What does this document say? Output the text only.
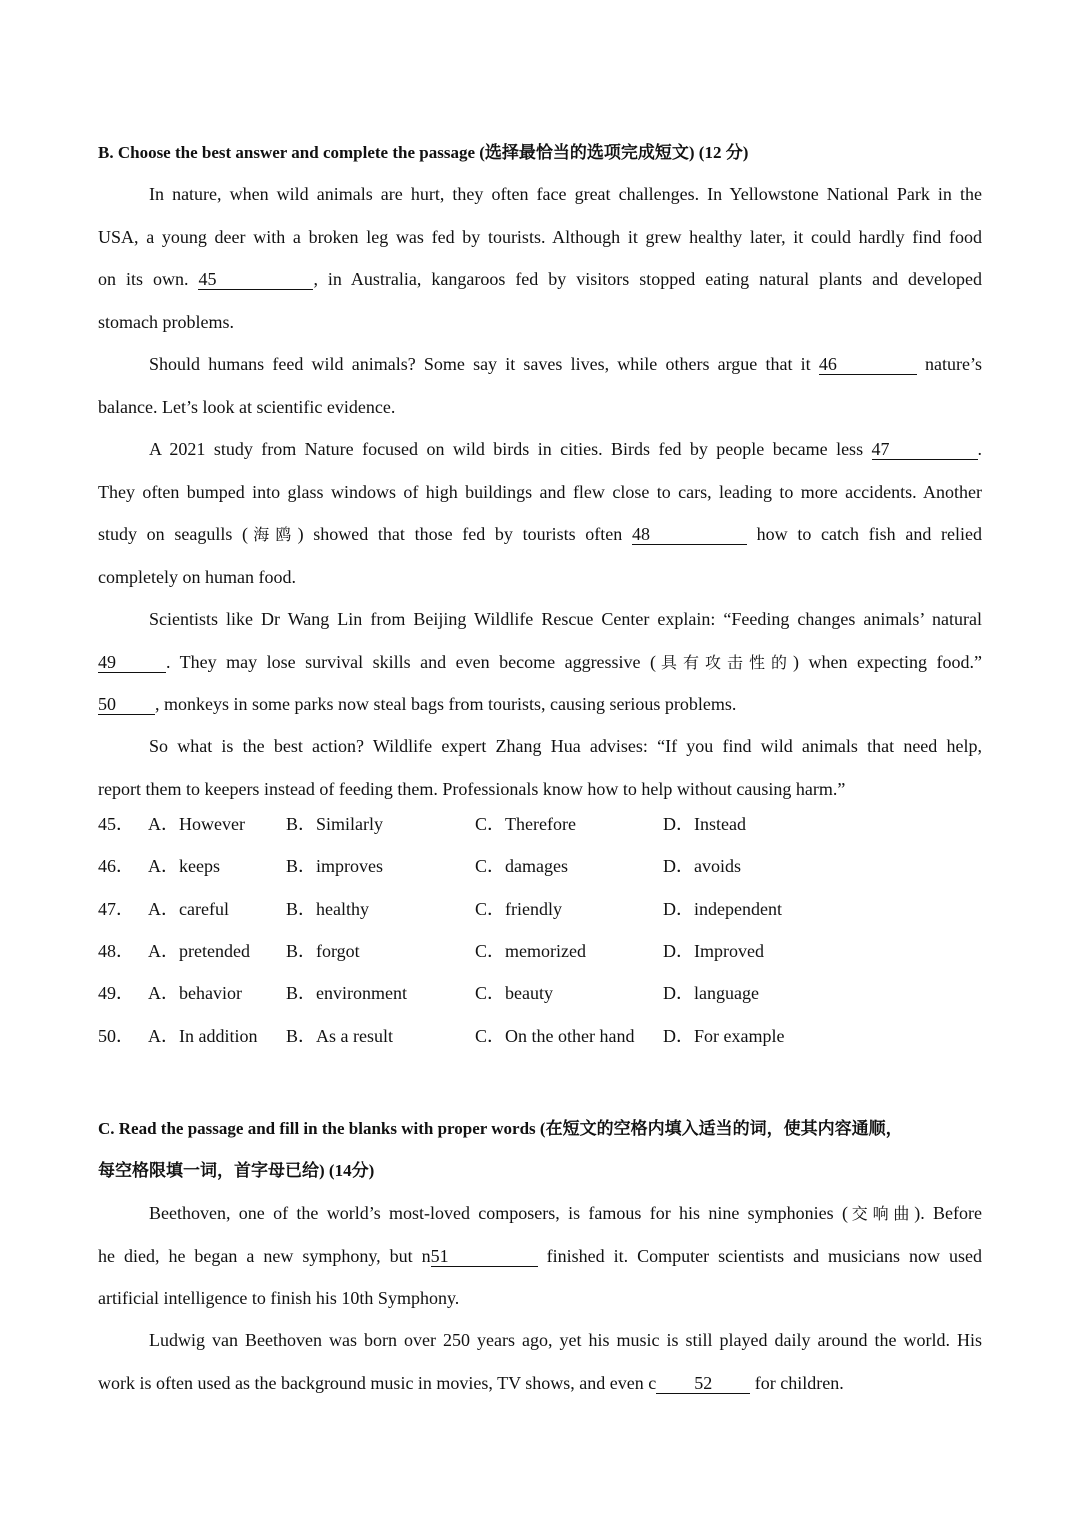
B. Choose the best answer and complete the passage (选择最恰当的选项完成短文) (12 分)
In nature, when wild animals are hurt, they often face great challenges. In Yellowstone National Park in the
USA, a young deer with a broken leg was fed by tourists. Although it grew healthy later, it could hardly find food
on its own. 45	, in Australia, kangaroos fed by visitors stopped eating natural plants and developed
stomach problems.
Should humans feed wild animals? Some say it saves lives, while others argue that it 46	nature’s
balance. Let’s look at scientific evidence.
A 2021 study from Nature focused on wild birds in cities. Birds fed by people became less 47	.
They often bumped into glass windows of high buildings and flew close to cars, leading to more accidents. Another
study on seagulls (海鸥) showed that those fed by tourists often 48	how to catch fish and relied
completely on human food.
Scientists like Dr Wang Lin from Beijing Wildlife Rescue Center explain: “Feeding changes animals’ natural
49	. They may lose survival skills and even become aggressive (具有攻击性的) when expecting food.”
50 , monkeys in some parks now steal bags from tourists, causing serious problems.
So what is the best action? Wildlife expert Zhang Hua advises: “If you find wild animals that need help,
report them to keepers instead of feeding them. Professionals know how to help without causing harm.”
45． A．However B．Similarly	C．Therefore	D．Instead
46． A．keeps	B．improves	C．damages	D．avoids
47． A．careful	B．healthy	C．friendly	D．independent
48． A．pretended B．forgot	C．memorized	D．Improved
49． A．behavior B．environment	C．beauty	D．language
50． A．In addition B．As a result	C．On the other hand D．For example
C. Read the passage and fill in the blanks with proper words (在短文的空格内填入适当的词，使其内容通顺，
每空格限填一词，首字母已给) (14分)
Beethoven, one of the world’s most-loved composers, is famous for his nine symphonies (交响曲). Before
he died, he began a new symphony, but n51	finished it. Computer scientists and musicians now used
artificial intelligence to finish his 10th Symphony.
Ludwig van Beethoven was born over 250 years ago, yet his music is still played daily around the world. His
work is often used as the background music in movies, TV shows, and even c 52 for children.
